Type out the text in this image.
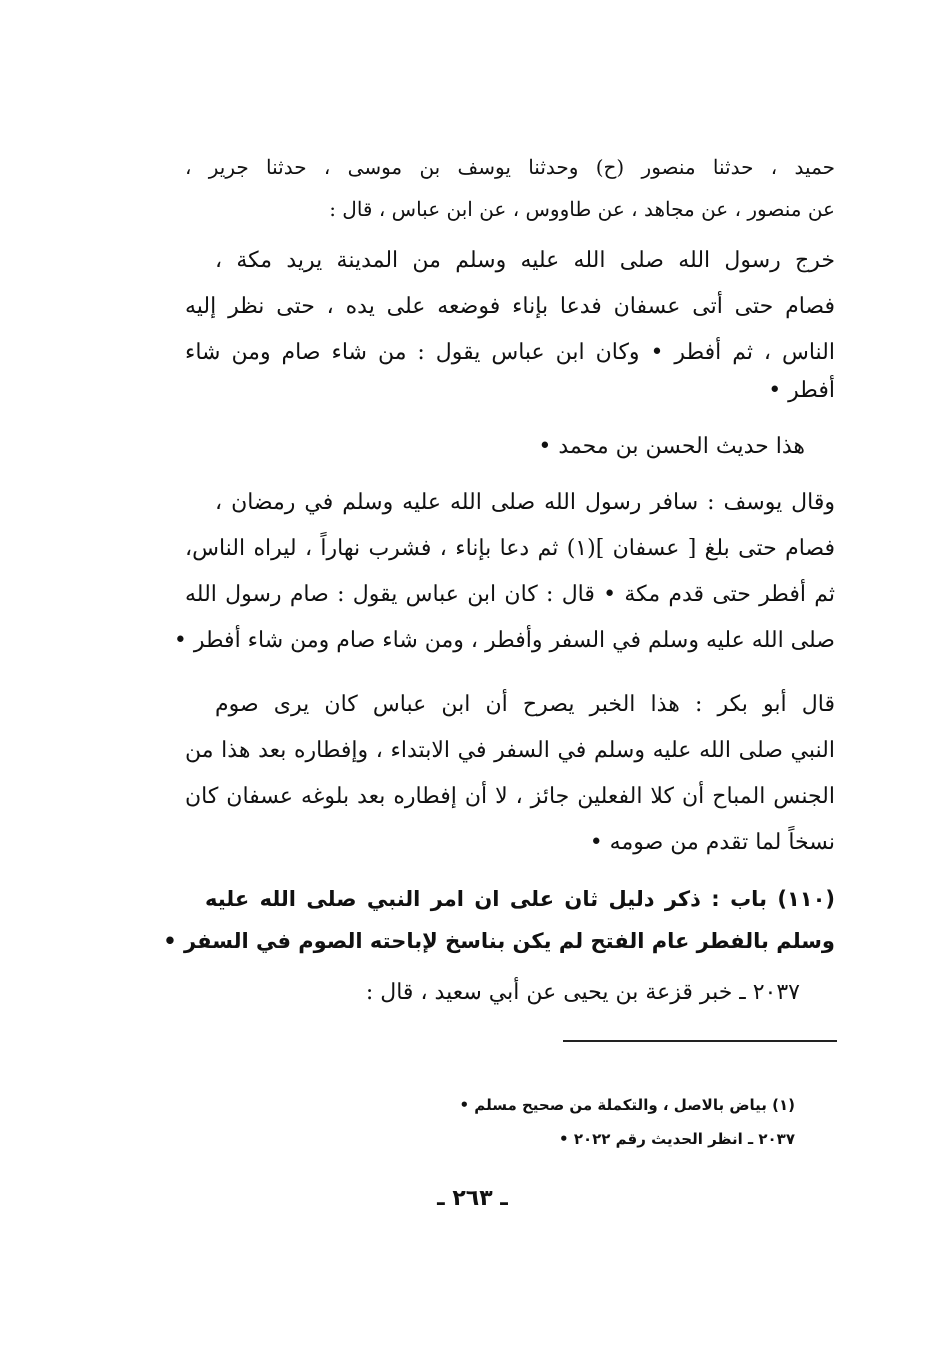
حميد ، حدثنا منصور (ح) وحدثنا يوسف بن موسى ، حدثنا جرير ،
عن منصور ، عن مجاهد ، عن طاووس ، عن ابن عباس ، قال :
خرج رسول الله صلى الله عليه وسلم من المدينة يريد مكة ،
فصام حتى أتى عسفان فدعا بإناء فوضعه على يده ، حتى نظر إليه
الناس ، ثم أفطر • وكان ابن عباس يقول : من شاء صام ومن شاء
أفطر •
هذا حديث الحسن بن محمد •
وقال يوسف : سافر رسول الله صلى الله عليه وسلم في رمضان ،
فصام حتى بلغ [ عسفان ](١) ثم دعا بإناء ، فشرب نهاراً ، ليراه الناس،
ثم أفطر حتى قدم مكة • قال : كان ابن عباس يقول : صام رسول الله
صلى الله عليه وسلم في السفر وأفطر ، ومن شاء صام ومن شاء أفطر •
قال أبو بكر : هذا الخبر يصرح أن ابن عباس كان يرى صوم
النبي صلى الله عليه وسلم في السفر في الابتداء ، وإفطاره بعد هذا من
الجنس المباح أن كلا الفعلين جائز ، لا أن إفطاره بعد بلوغه عسفان كان
نسخاً لما تقدم من صومه •
(١١٠) باب : ذكر دليل ثان على ان امر النبي صلى الله عليه
وسلم بالفطر عام الفتح لم يكن بناسخ لإباحته الصوم في السفر •
٢٠٣٧ ـ خبر قزعة بن يحيى عن أبي سعيد ، قال :
(١) بياض بالاصل ، والتكملة من صحيح مسلم •
٢٠٣٧ ـ انظر الحديث رقم ٢٠٢٢ •
ـ ٢٦٣ ـ
